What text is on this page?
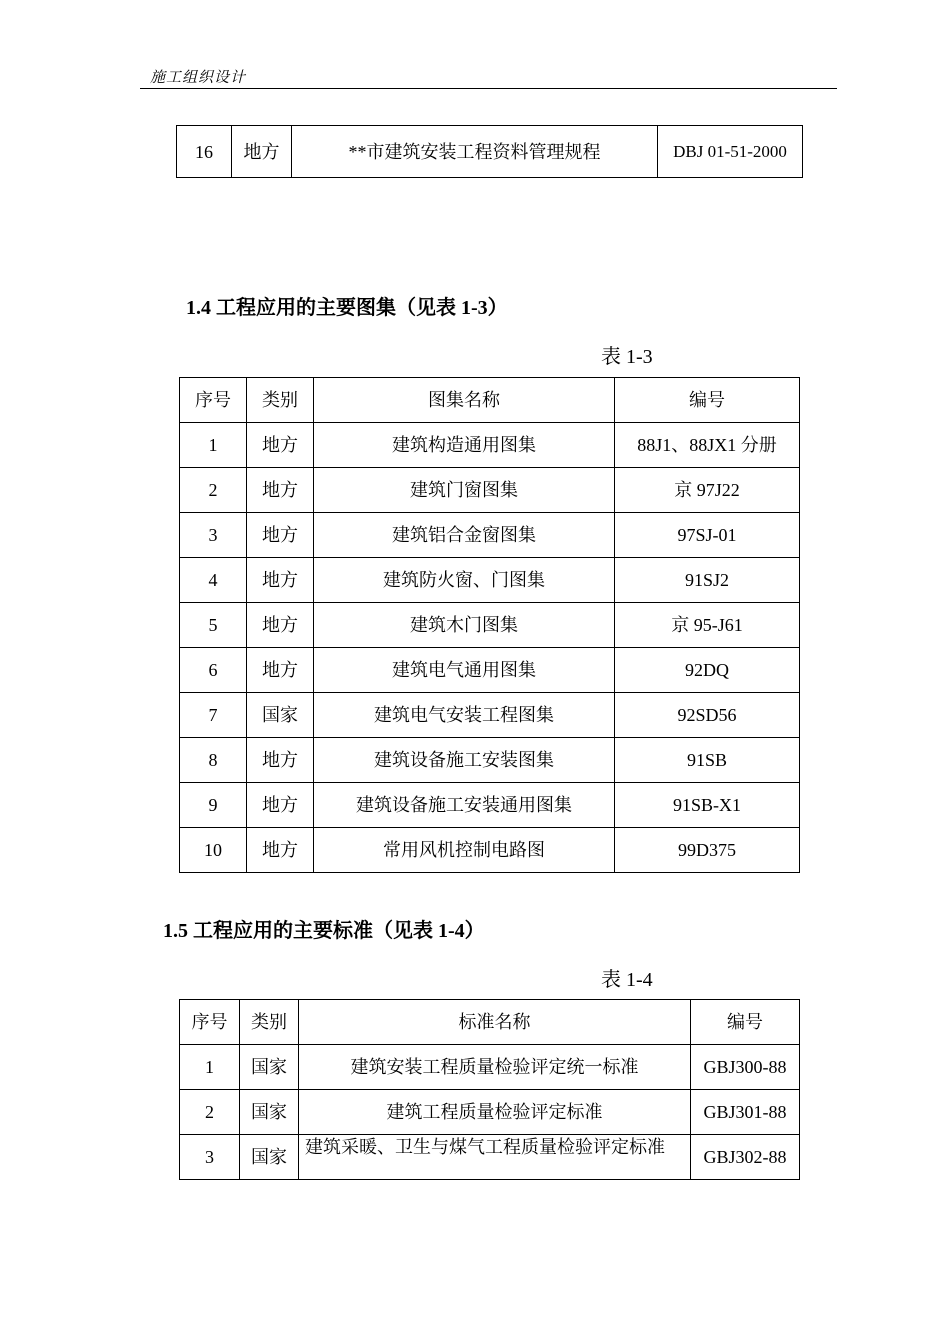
施工组织设计
16	地方	**市建筑安装工程资料管理规程	DBJ 01-51-2000
1.4 工程应用的主要图集（见表 1-3）
表 1-3
序号	类别	图集名称	编号
1	地方	建筑构造通用图集	88J1、88JX1 分册
2	地方	建筑门窗图集	京 97J22
3	地方	建筑铝合金窗图集	97SJ-01
4	地方	建筑防火窗、门图集	91SJ2
5	地方	建筑木门图集	京 95-J61
6	地方	建筑电气通用图集	92DQ
7	国家	建筑电气安装工程图集	92SD56
8	地方	建筑设备施工安装图集	91SB
9	地方	建筑设备施工安装通用图集	91SB-X1
10	地方	常用风机控制电路图	99D375
1.5 工程应用的主要标准（见表 1-4）
表 1-4
序号	类别	标准名称	编号
1	国家	建筑安装工程质量检验评定统一标准	GBJ300-88
2	国家	建筑工程质量检验评定标准	GBJ301-88
3	国家	建筑采暖、卫生与煤气工程质量检验评定标准	GBJ302-88
